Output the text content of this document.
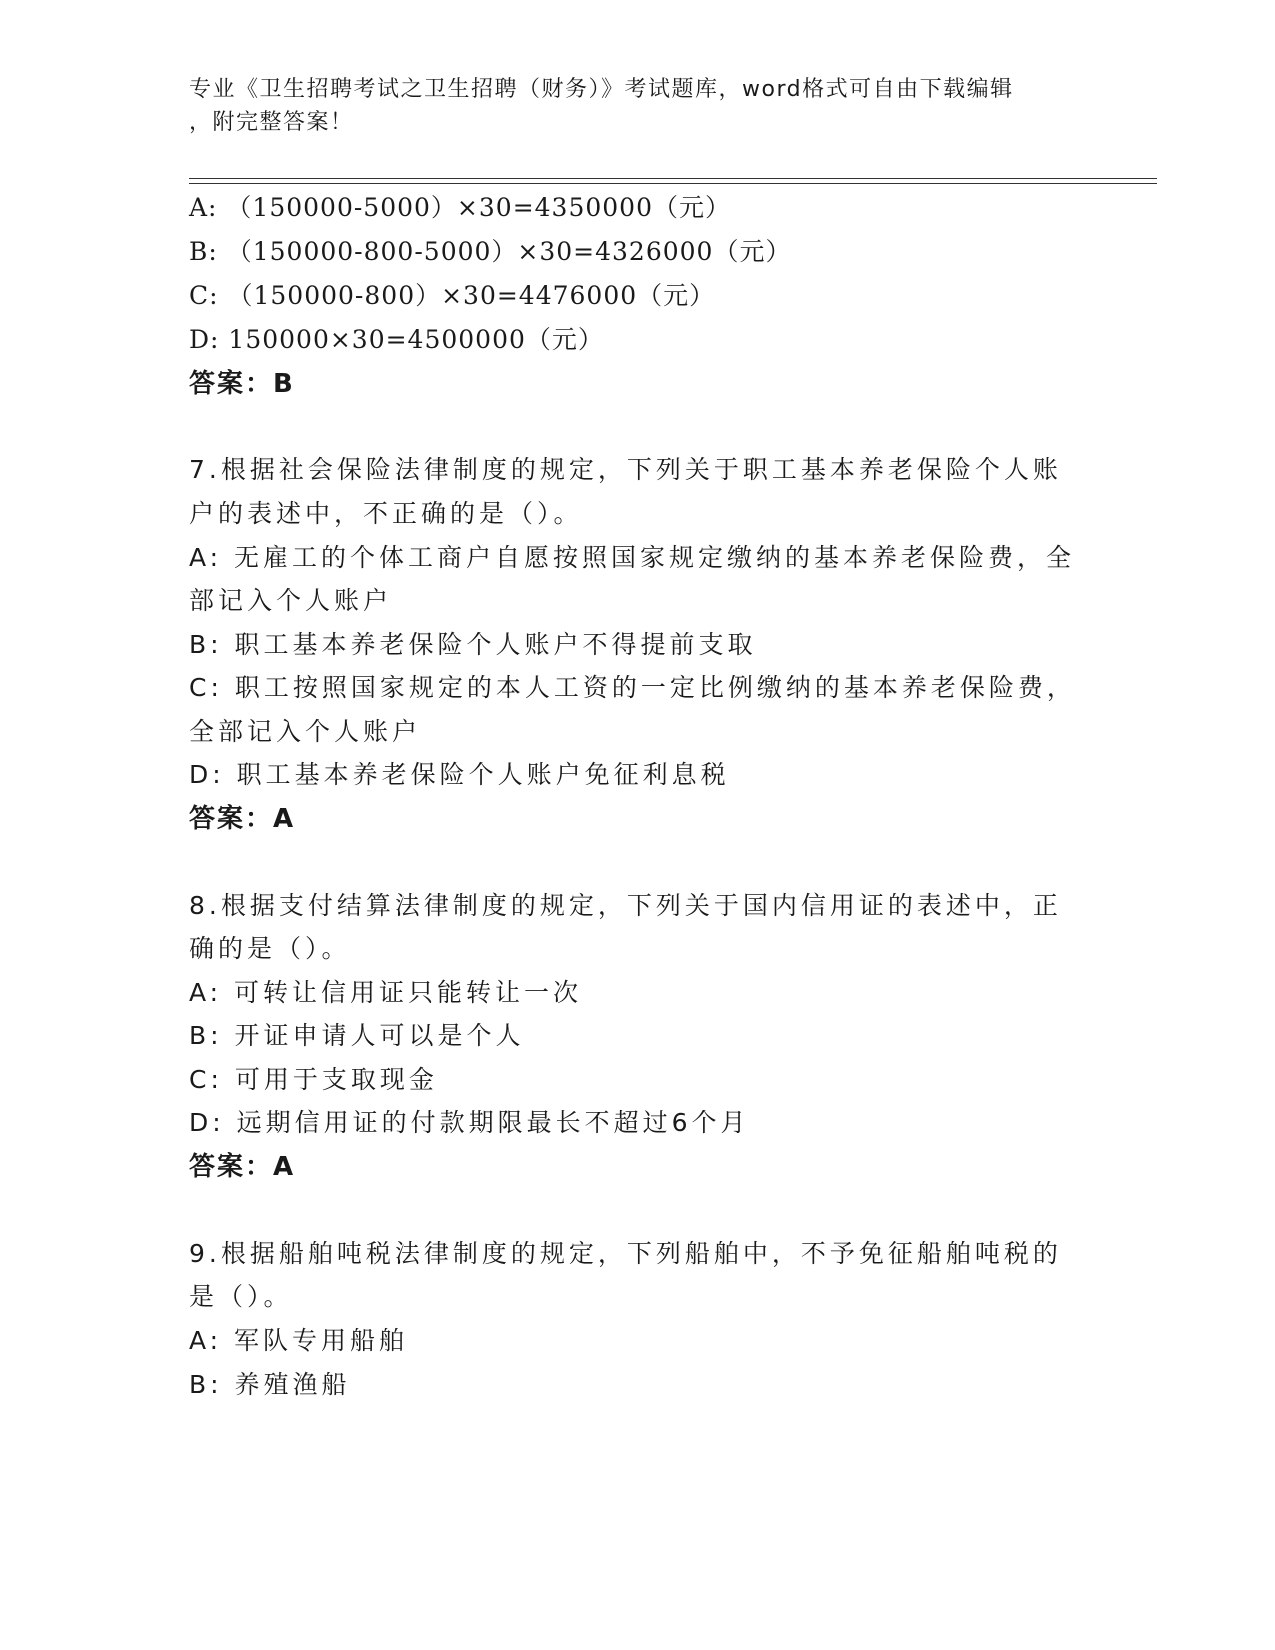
专业《卫生招聘考试之卫生招聘（财务）》考试题库，word格式可自由下载编辑
，附完整答案！
A: （150000-5000）×30=4350000（元）
B: （150000-800-5000）×30=4326000（元）
C: （150000-800）×30=4476000（元）
D: 150000×30=4500000（元）
答案：B
7.根据社会保险法律制度的规定，下列关于职工基本养老保险个人账
户的表述中，不正确的是（）。
A: 无雇工的个体工商户自愿按照国家规定缴纳的基本养老保险费，全
部记入个人账户
B: 职工基本养老保险个人账户不得提前支取
C: 职工按照国家规定的本人工资的一定比例缴纳的基本养老保险费，
全部记入个人账户
D: 职工基本养老保险个人账户免征利息税
答案：A
8.根据支付结算法律制度的规定，下列关于国内信用证的表述中，正
确的是（）。
A: 可转让信用证只能转让一次
B: 开证申请人可以是个人
C: 可用于支取现金
D: 远期信用证的付款期限最长不超过6个月
答案：A
9.根据船舶吨税法律制度的规定，下列船舶中，不予免征船舶吨税的
是（）。
A: 军队专用船舶
B: 养殖渔船
